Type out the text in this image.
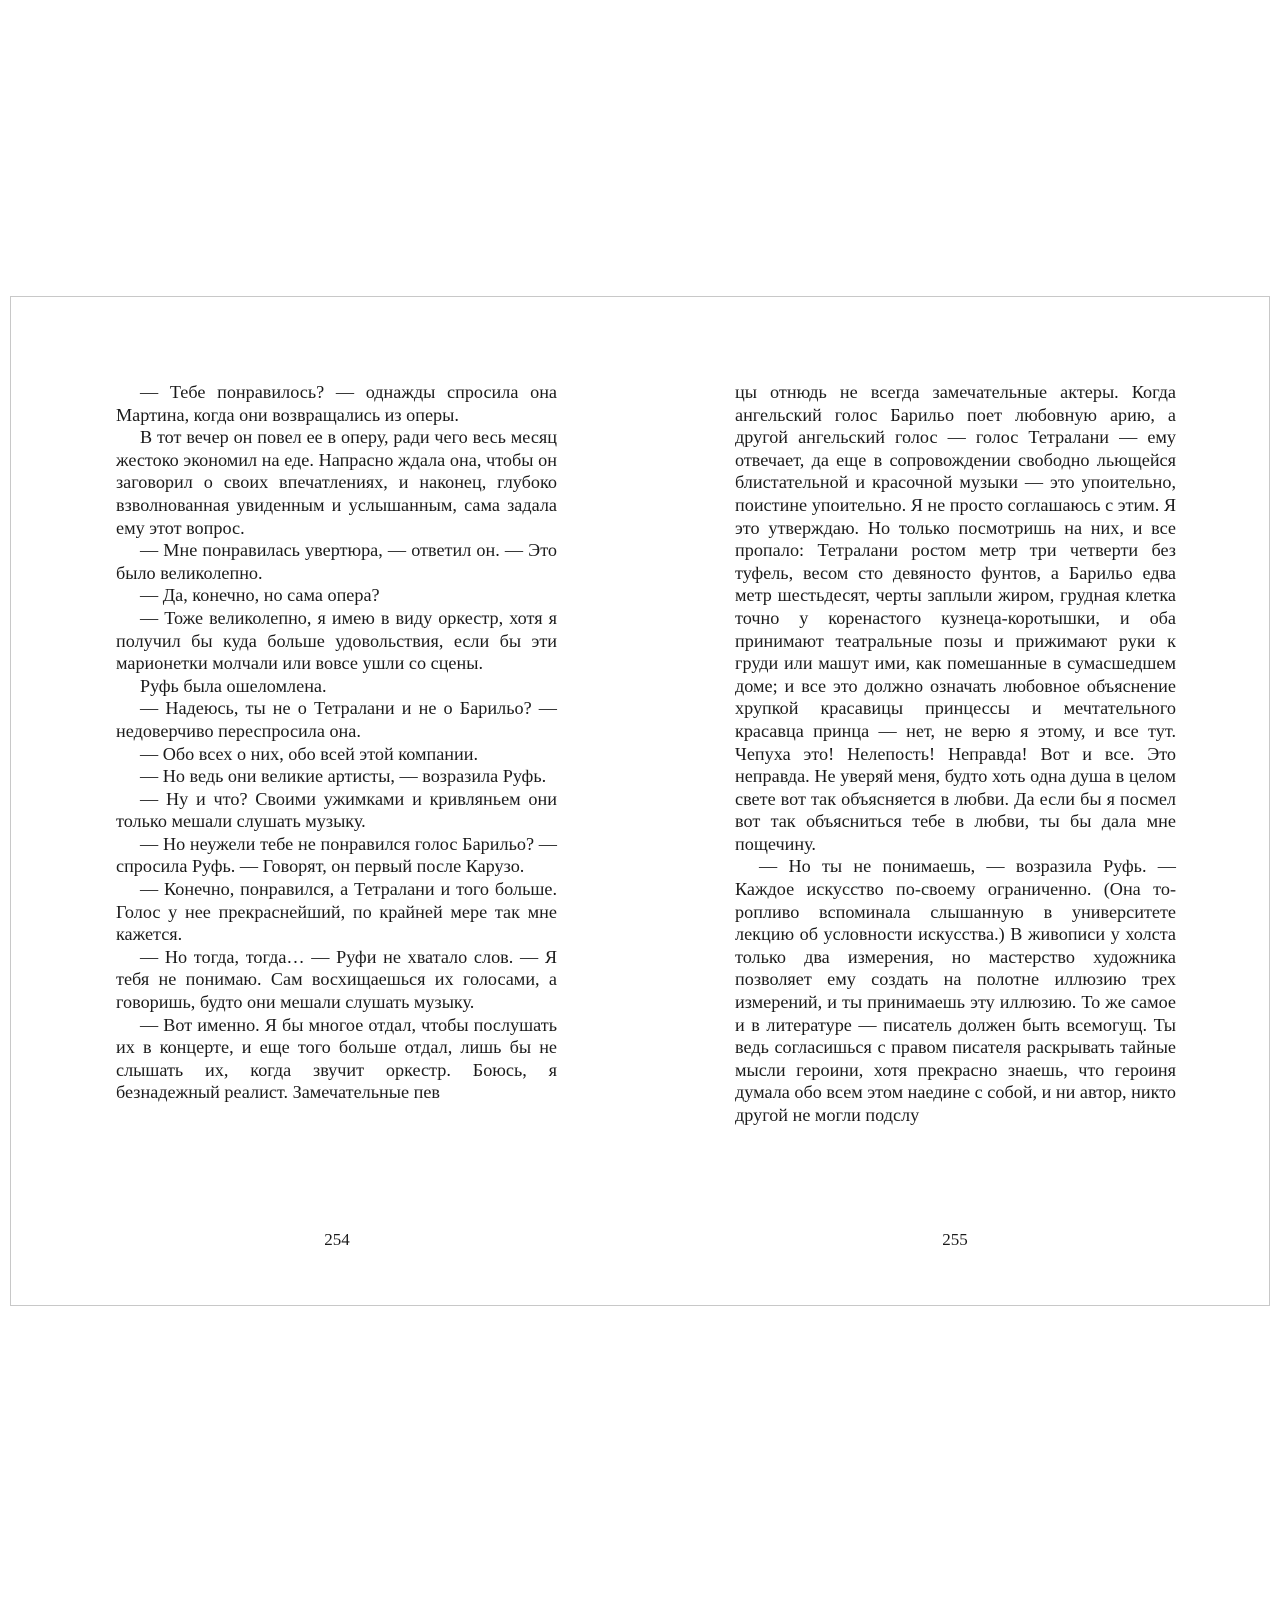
— Тебе понравилось? — однажды спросила она Мартина, когда они возвращались из оперы.

В тот вечер он повел ее в оперу, ради чего весь месяц жестоко экономил на еде. Напрасно ждала она, чтобы он заговорил о своих впечатлениях, и наконец, глубоко взволнованная увиденным и услышанным, сама задала ему этот вопрос.

— Мне понравилась увертюра, — ответил он. — Это было великолепно.

— Да, конечно, но сама опера?

— Тоже великолепно, я имею в виду оркестр, хотя я получил бы куда больше удовольствия, если бы эти марионетки молчали или вовсе ушли со сцены.

Руфь была ошеломлена.

— Надеюсь, ты не о Тетралани и не о Барильо? — недоверчиво переспросила она.

— Обо всех о них, обо всей этой компании.

— Но ведь они великие артисты, — возразила Руфь.

— Ну и что? Своими ужимками и кривляньем они только мешали слушать музыку.

— Но неужели тебе не понравился голос Барильо? — спросила Руфь. — Говорят, он первый после Карузо.

— Конечно, понравился, а Тетралани и того больше. Голос у нее прекраснейший, по крайней мере так мне кажется.

— Но тогда, тогда… — Руфи не хватало слов. — Я тебя не понимаю. Сам восхищаешься их голосами, а говоришь, будто они мешали слушать музыку.

— Вот именно. Я бы многое отдал, чтобы послушать их в концерте, и еще того больше отдал, лишь бы не слышать их, когда звучит оркестр. Боюсь, я безнадежный реалист. Замечательные пев

254

цы отнюдь не всегда замечательные актеры. Когда ангельский голос Барильо поет любовную арию, а другой ангельский голос — голос Тетралани — ему отвечает, да еще в сопровождении свободно льющейся блистательной и красочной музыки — это упоительно, поистине упоительно. Я не просто соглашаюсь с этим. Я это утверждаю. Но только посмотришь на них, и все пропало: Тетралани ростом метр три четверти без туфель, весом сто девяносто фунтов, а Барильо едва метр шестьдесят, черты заплыли жиром, грудная клетка точно у коренастого кузнеца-коротышки, и оба принимают театральные позы и прижимают руки к груди или машут ими, как помешанные в сумасшедшем доме; и все это должно означать любовное объяснение хрупкой красавицы принцессы и мечтательного красавца принца — нет, не верю я этому, и все тут. Чепуха это! Нелепость! Неправда! Вот и все. Это неправда. Не уверяй меня, будто хоть одна душа в целом свете вот так объясняется в любви. Да если бы я посмел вот так объясниться тебе в любви, ты бы дала мне пощечину.

— Но ты не понимаешь, — возразила Руфь. — Каждое искусство по-своему ограниченно. (Она торопливо вспоминала слышанную в университете лекцию об условности искусства.) В живописи у холста только два измерения, но мастерство художника позволяет ему создать на полотне иллюзию трех измерений, и ты принимаешь эту иллюзию. То же самое и в литературе — писатель должен быть всемогущ. Ты ведь согласишься с правом писателя раскрывать тайные мысли героини, хотя прекрасно знаешь, что героиня думала обо всем этом наедине с собой, и ни автор, никто другой не могли подслу

255
